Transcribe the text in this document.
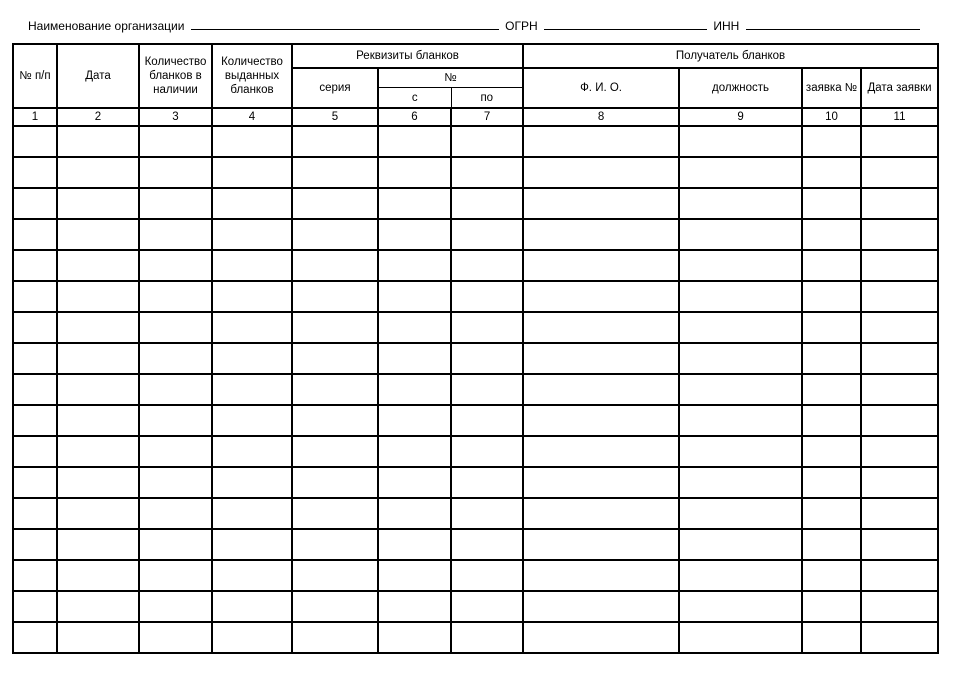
Наименование организации	ОГРН	ИНН
№ п/п	Дата	Количество бланков в наличии	Количество выданных бланков	Реквизиты бланков			Получатель бланков			
				серия	№		Ф. И. О.	должность	заявка №	Дата заявки
					с	по				
1	2	3	4	5	6	7	8	9	10	11
